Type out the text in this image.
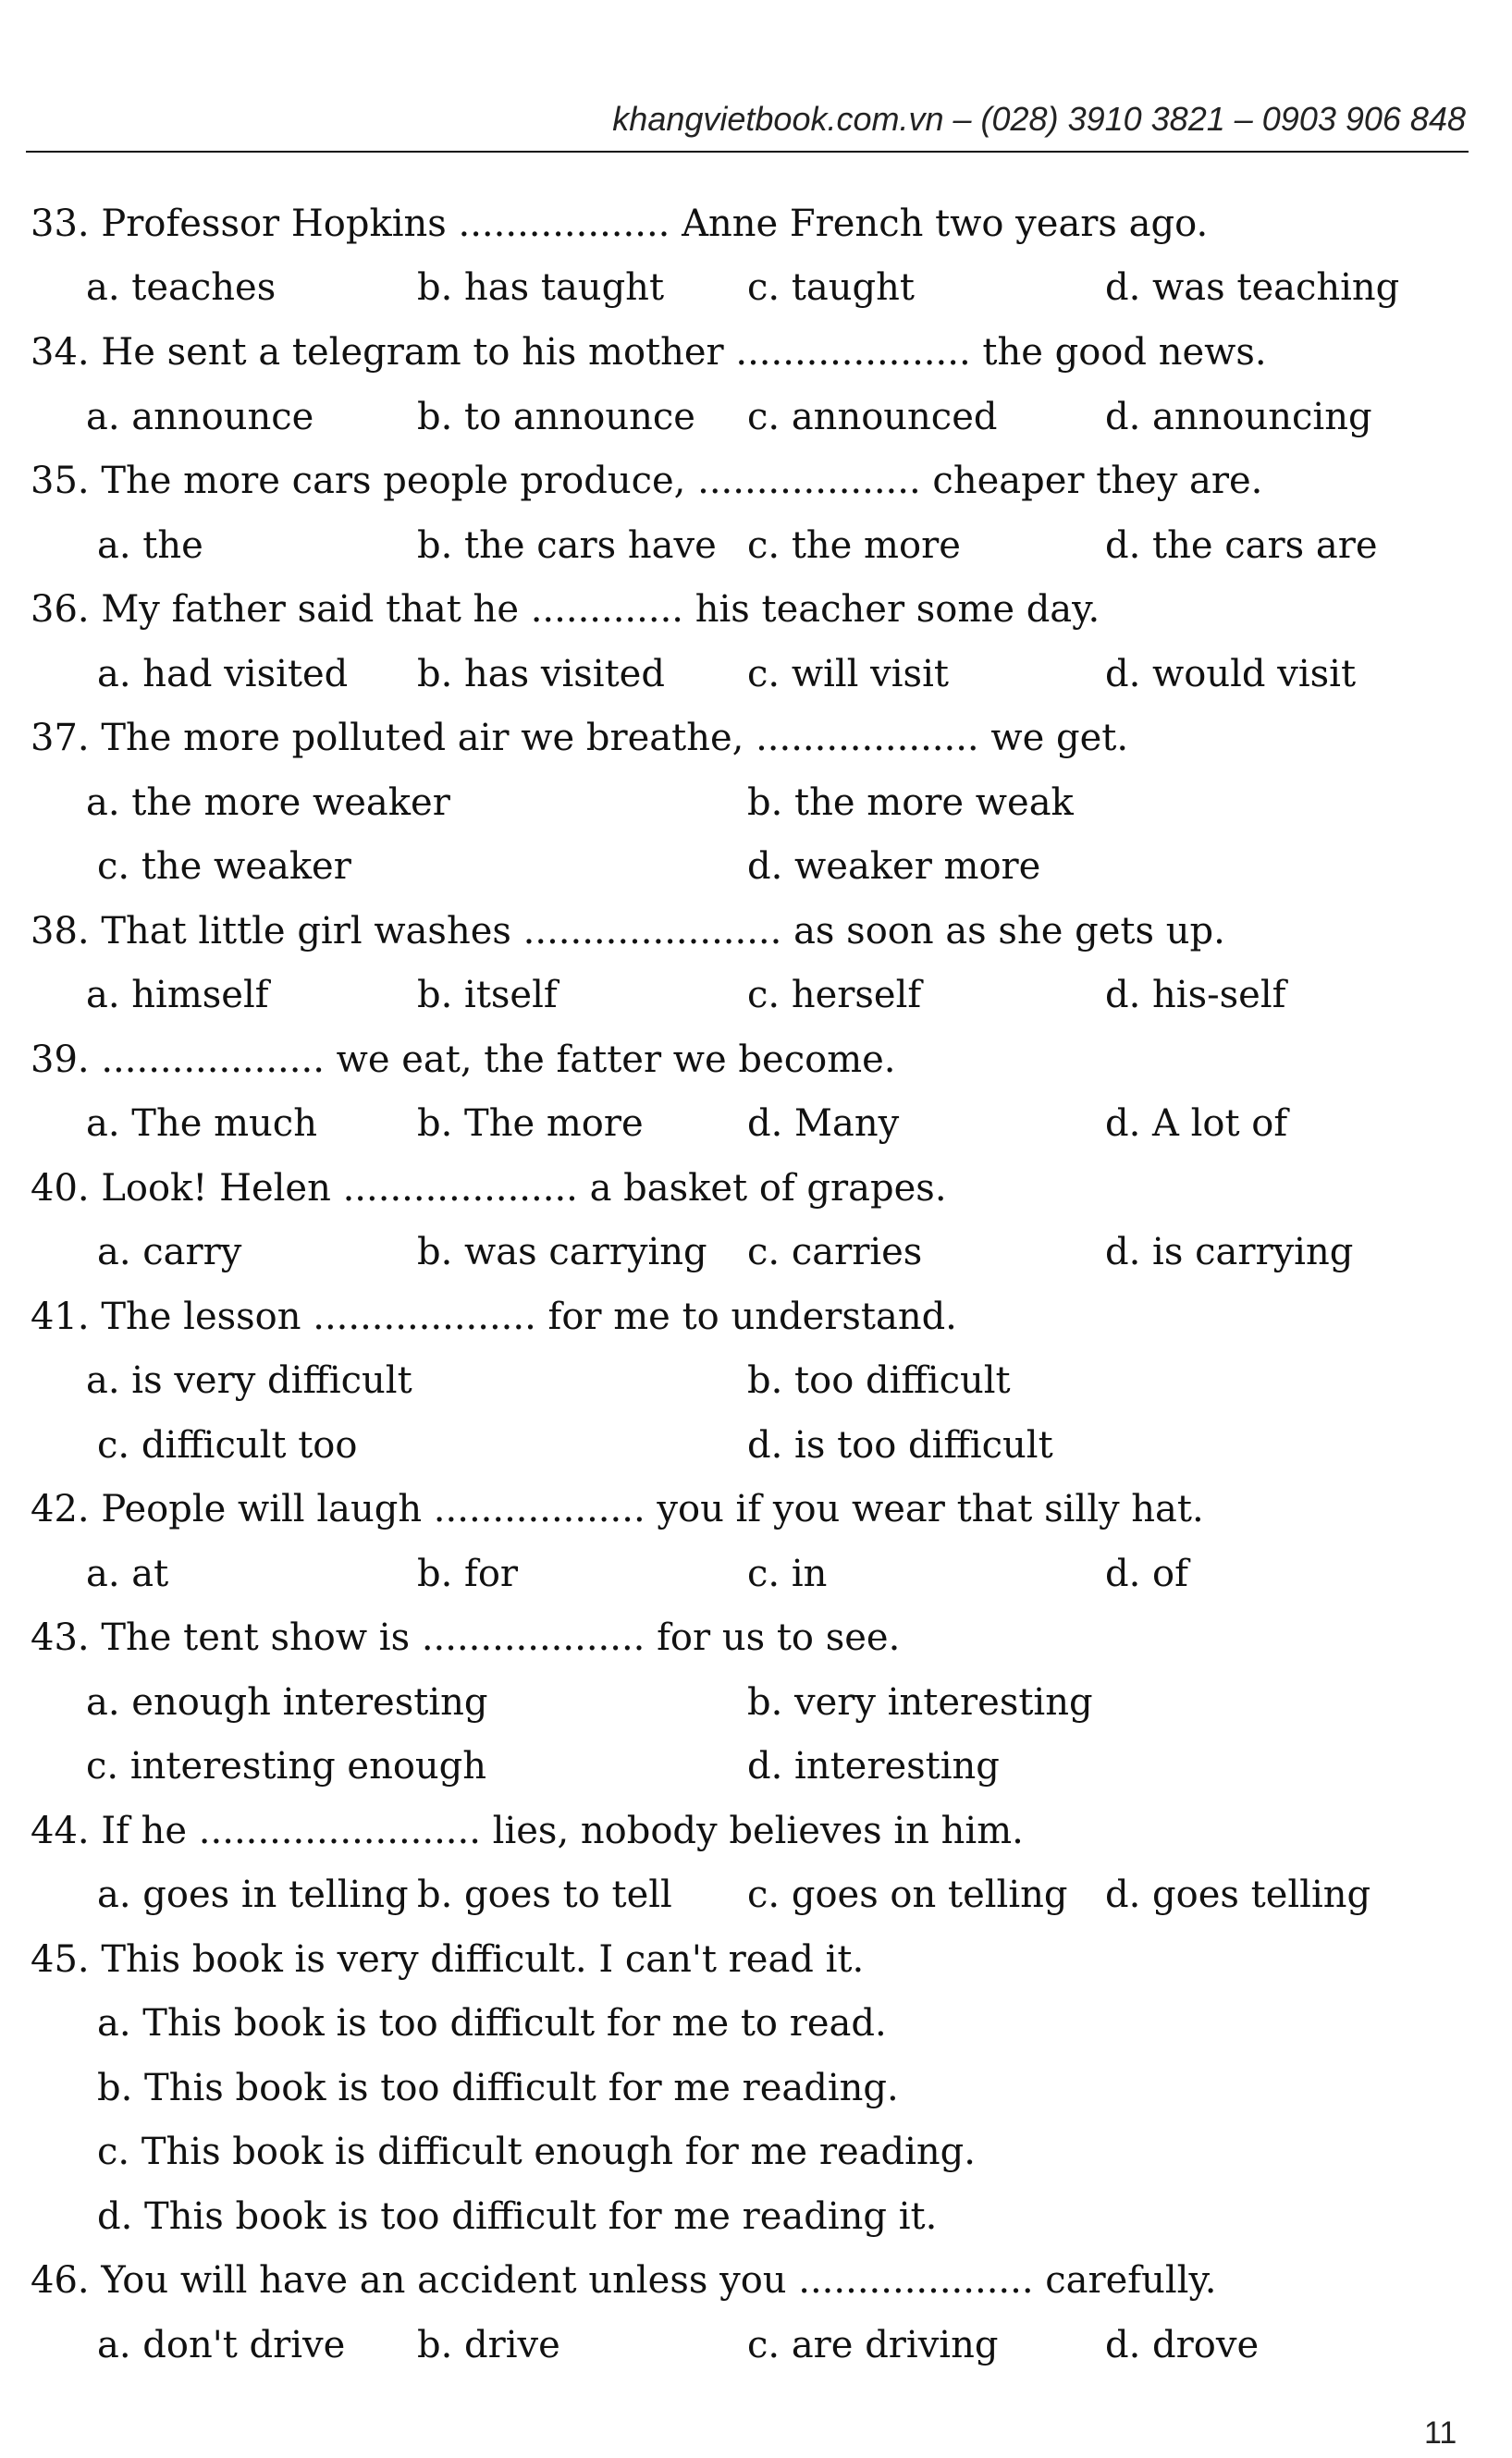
khangvietbook.com.vn – (028) 3910 3821 – 0903 906 848
33. Professor Hopkins .................. Anne French two years ago.
a. teaches	b. has taught c. taught	d. was teaching
34. He sent a telegram to his mother .................... the good news.
a. announce	b. to announce c. announced	d. announcing
35. The more cars people produce, ................... cheaper they are.
a. the	b. the cars have c. the more	d. the cars are
36. My father said that he ............. his teacher some day.
a. had visited b. has visited c. will visit	d. would visit
37. The more polluted air we breathe, ................... we get.
a. the more weaker	b. the more weak
c. the weaker	d. weaker more
38. That little girl washes ...................... as soon as she gets up.
a. himself	b. itself	c. herself	d. his-self
39. ................... we eat, the fatter we become.
a. The much	b. The more	d. Many	d. A lot of
40. Look! Helen .................... a basket of grapes.
a. carry	b. was carrying c. carries	d. is carrying
41. The lesson ................... for me to understand.
a. is very difficult	b. too difficult
c. difficult too	d. is too difficult
42. People will laugh .................. you if you wear that silly hat.
a. at	b. for	c. in	d. of
43. The tent show is ................... for us to see.
a. enough interesting	b. very interesting
c. interesting enough	d. interesting
44. If he ........................ lies, nobody believes in him.
a. goes in telling b. goes to tell c. goes on telling d. goes telling
45. This book is very difficult. I can't read it.
a. This book is too difficult for me to read.
b. This book is too difficult for me reading.
c. This book is difficult enough for me reading.
d. This book is too difficult for me reading it.
46. You will have an accident unless you .................... carefully.
a. don't drive b. drive	c. are driving	d. drove
11
